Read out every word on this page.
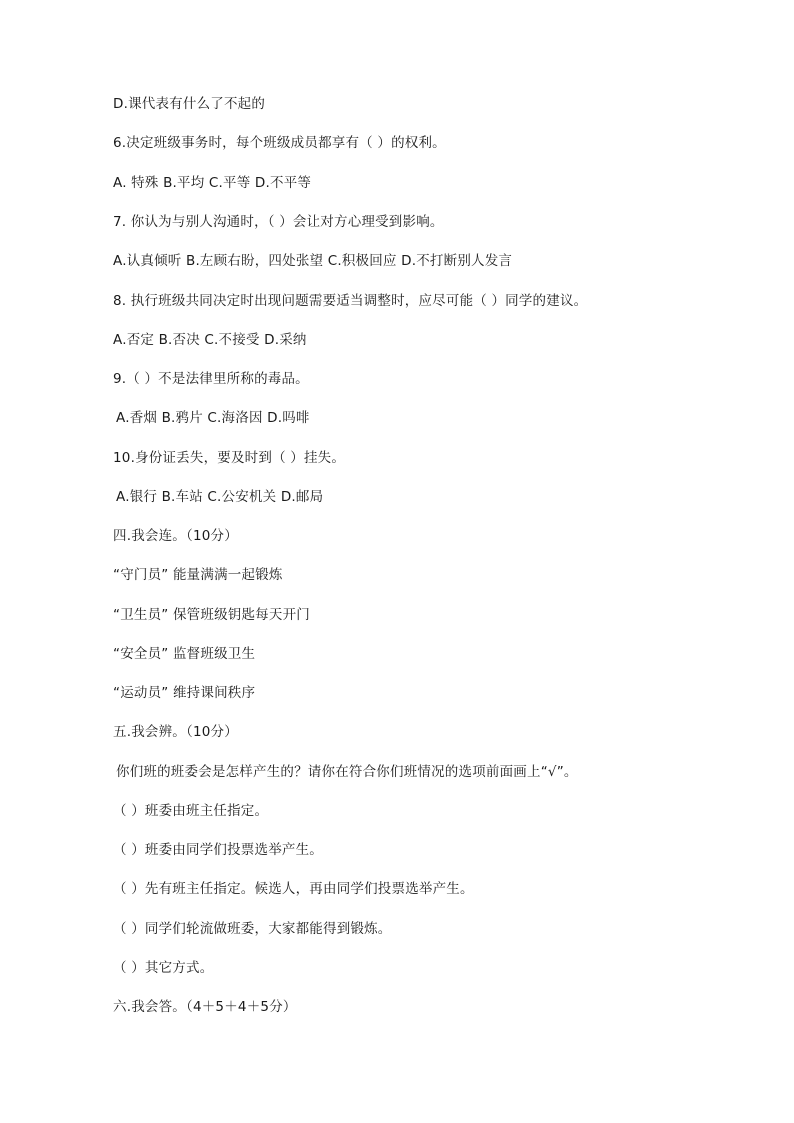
D.课代表有什么了不起的
6.决定班级事务时，每个班级成员都享有（ ）的权利。
A. 特殊 B.平均 C.平等 D.不平等
7. 你认为与别人沟通时，（ ）会让对方心理受到影响。
A.认真倾听 B.左顾右盼，四处张望 C.积极回应 D.不打断别人发言
8. 执行班级共同决定时出现问题需要适当调整时，应尽可能（ ）同学的建议。
A.否定 B.否决 C.不接受 D.采纳
9.（ ）不是法律里所称的毒品。
A.香烟 B.鸦片 C.海洛因 D.吗啡
10.身份证丢失，要及时到（ ）挂失。
A.银行 B.车站 C.公安机关 D.邮局
四.我会连。（10分）
“守门员” 能量满满一起锻炼
“卫生员” 保管班级钥匙每天开门
“安全员” 监督班级卫生
“运动员” 维持课间秩序
五.我会辨。（10分）
你们班的班委会是怎样产生的？请你在符合你们班情况的选项前面画上“√”。
（ ）班委由班主任指定。
（ ）班委由同学们投票选举产生。
（ ）先有班主任指定。候选人，再由同学们投票选举产生。
（ ）同学们轮流做班委，大家都能得到锻炼。
（ ）其它方式。
六.我会答。（4＋5＋4＋5分）
